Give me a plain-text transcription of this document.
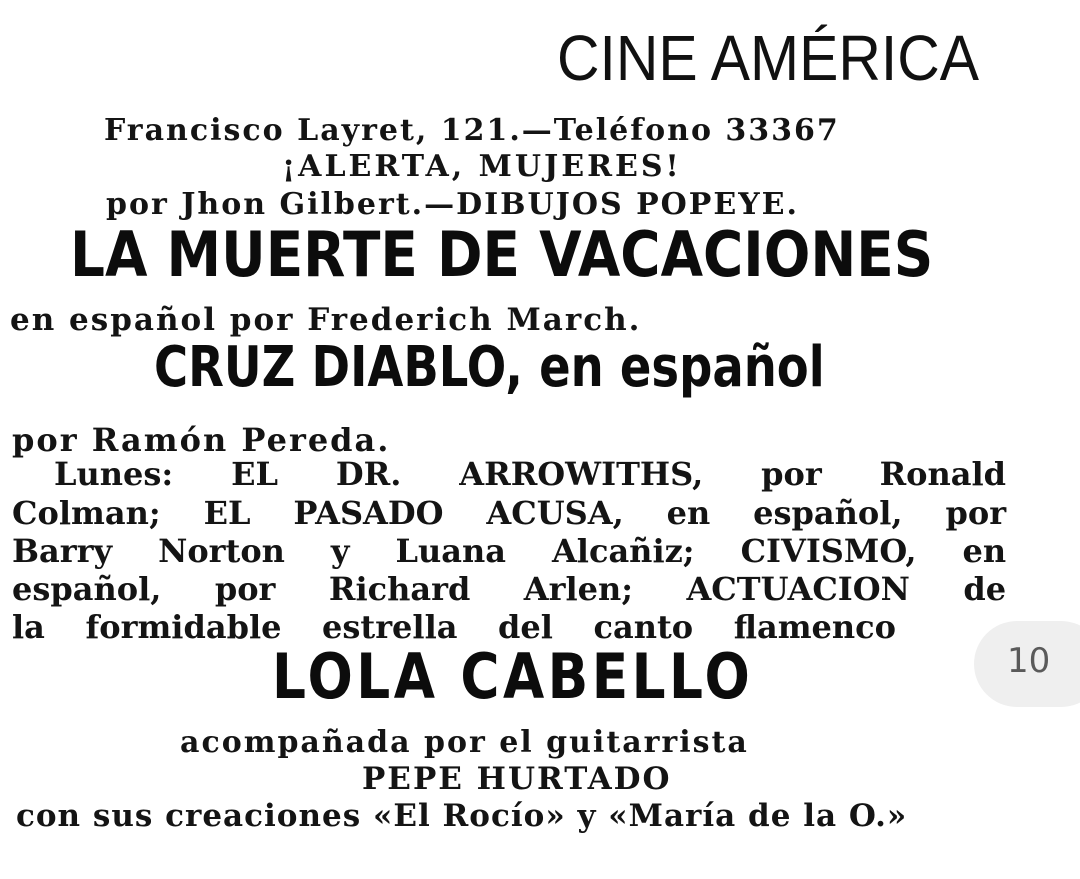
CINE AMÉRICA
Francisco Layret, 121.—Teléfono 33367
¡ALERTA, MUJERES!
por Jhon Gilbert.—DIBUJOS POPEYE.
LA MUERTE DE VACACIONES
en español por Frederich March.
CRUZ DIABLO, en español
por Ramón Pereda.
Lunes: EL DR. ARROWITHS, por Ronald
Colman; EL PASADO ACUSA, en español, por
Barry Norton y Luana Alcañiz; CIVISMO, en
español, por Richard Arlen; ACTUACION de
la formidable estrella del canto flamenco
LOLA CABELLO
acompañada por el guitarrista
PEPE HURTADO
con sus creaciones «El Rocío» y «María de la O.»
10
